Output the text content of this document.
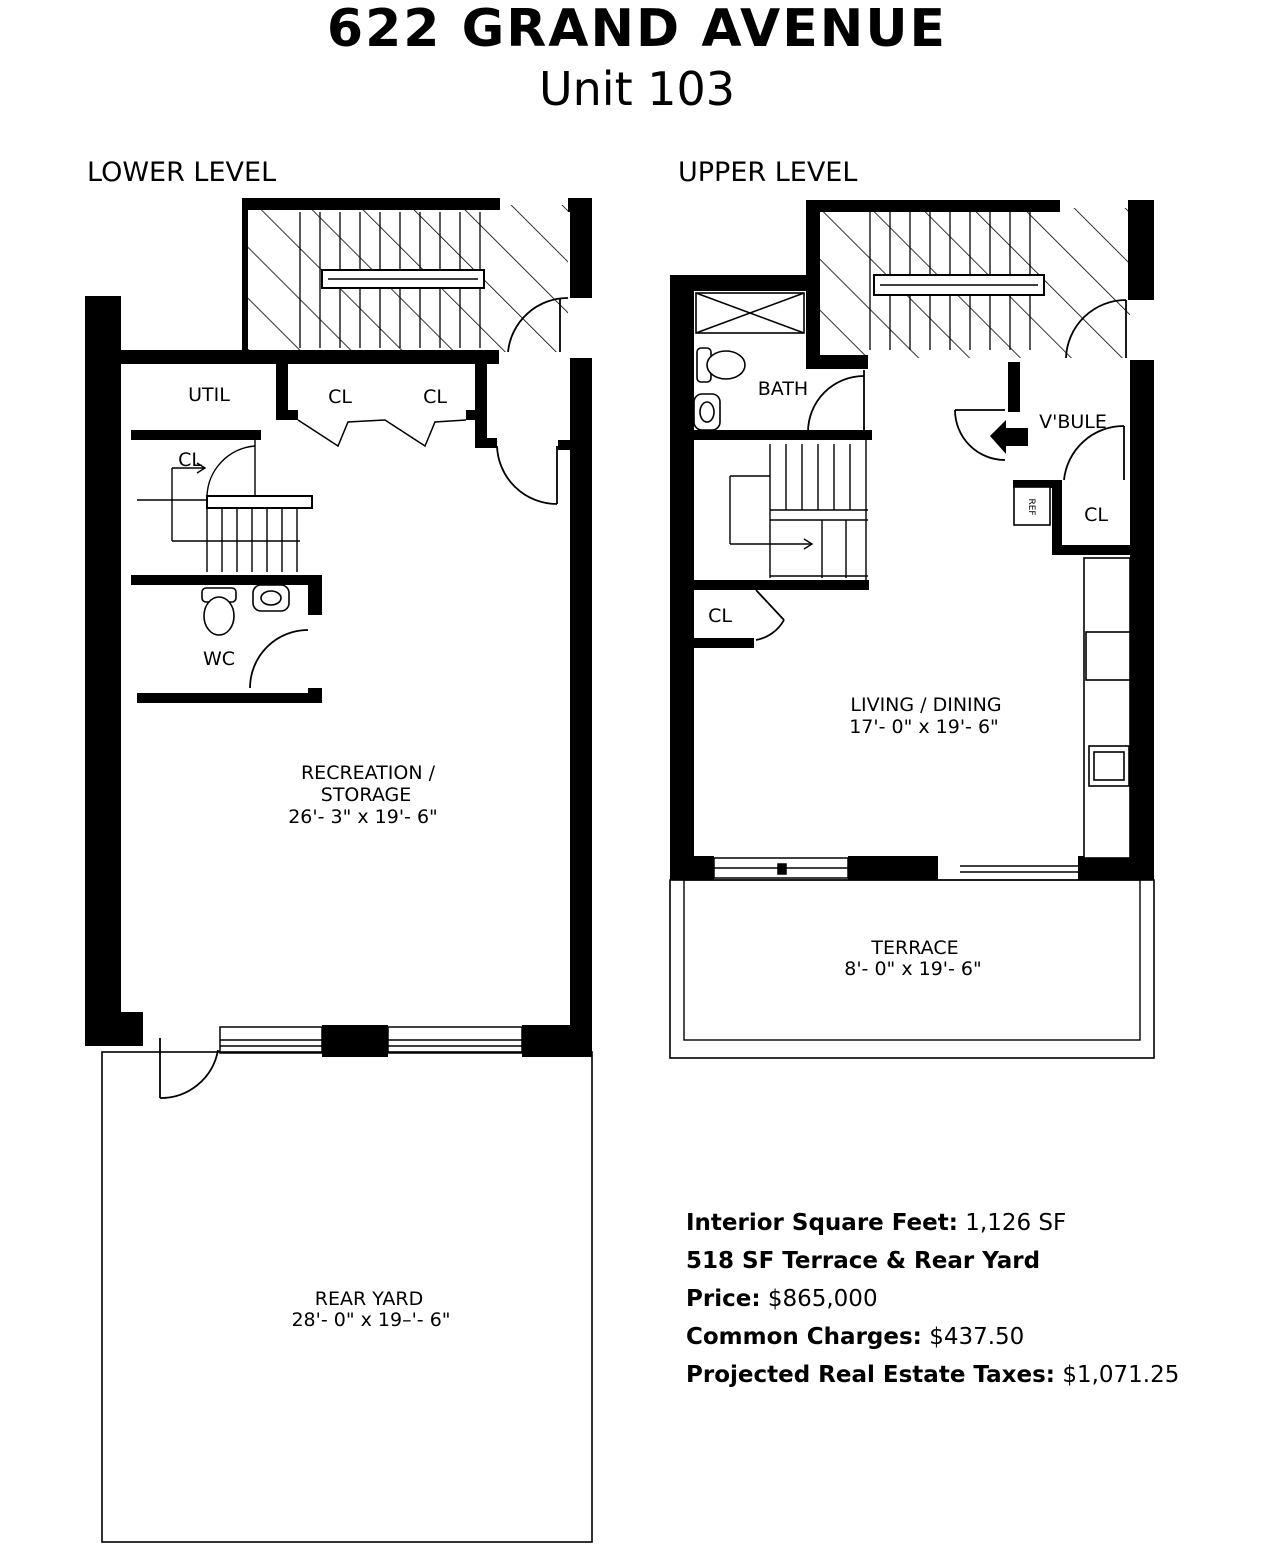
622 GRAND AVENUE
Unit 103
LOWER LEVEL	UPPER LEVEL
UTIL	CL	CL
CL
WC
RECREATION /
STORAGE
26'- 3" x 19'- 6"
REAR YARD
28'- 0" x 19–'- 6"
BATH
V'BULE
CL
CL
REF
LIVING / DINING
17'- 0" x 19'- 6"
TERRACE
8'- 0" x 19'- 6"
Interior Square Feet: 1,126 SF
518 SF Terrace & Rear Yard
Price: $865,000
Common Charges: $437.50
Projected Real Estate Taxes: $1,071.25
